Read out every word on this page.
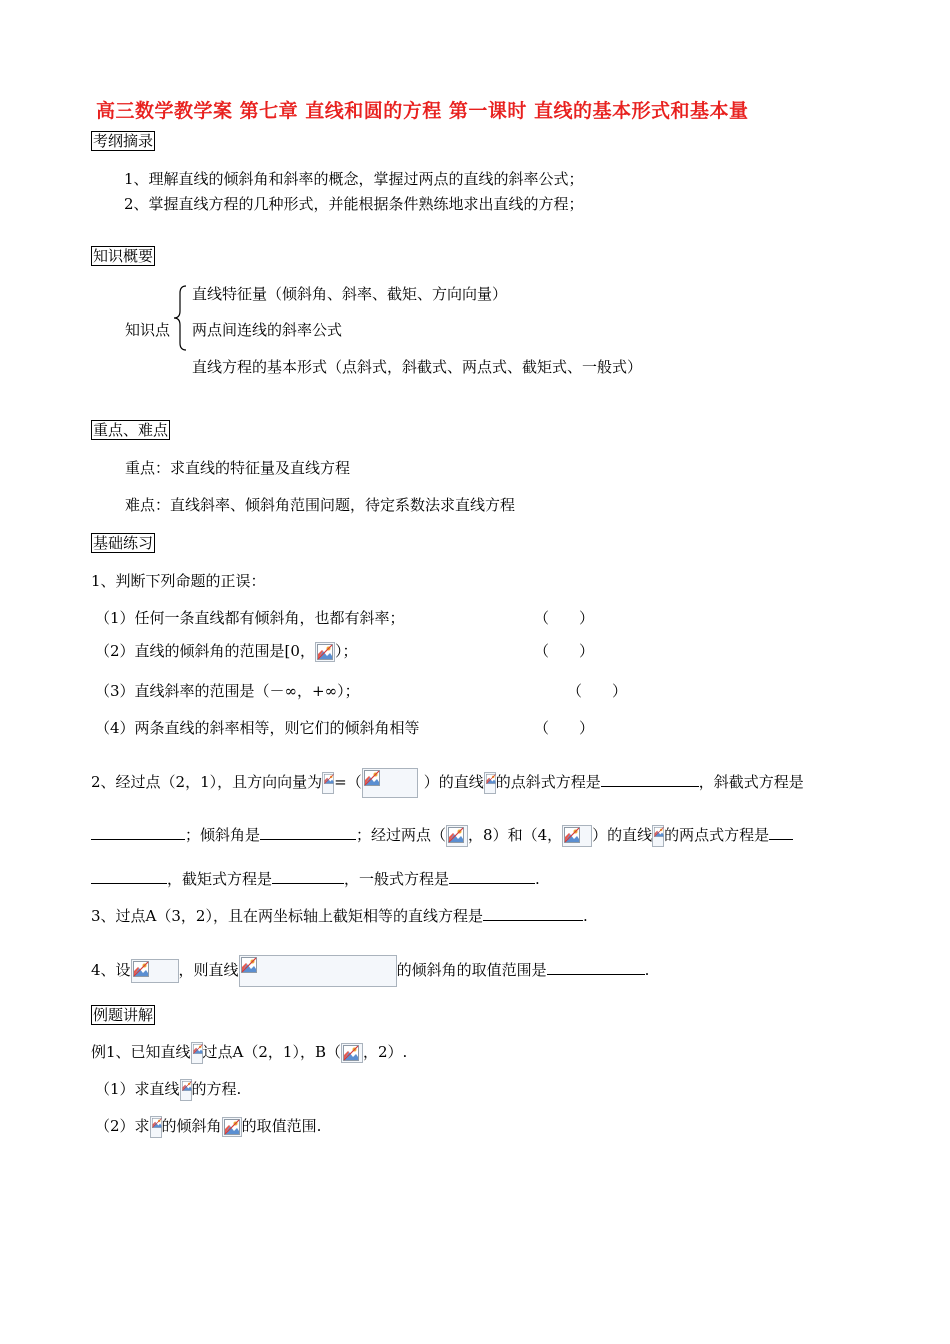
高三数学教学案 第七章 直线和圆的方程 第一课时 直线的基本形式和基本量
考纲摘录
1、理解直线的倾斜角和斜率的概念，掌握过两点的直线的斜率公式；
2、掌握直线方程的几种形式，并能根据条件熟练地求出直线的方程；
知识概要
知识点
直线特征量（倾斜角、斜率、截矩、方向向量）
两点间连线的斜率公式
直线方程的基本形式（点斜式，斜截式、两点式、截矩式、一般式）
重点、难点
重点：求直线的特征量及直线方程
难点：直线斜率、倾斜角范围问题，待定系数法求直线方程
基础练习
1、判断下列命题的正误：
（1）任何一条直线都有倾斜角，也都有斜率；	（　　）
（2）直线的倾斜角的范围是[0， ）；	（　　）
（3）直线斜率的范围是（－∞，+∞）；	（　　）
（4）两条直线的斜率相等，则它们的倾斜角相等	（　　）
2、经过点（2，1），且方向向量为 =（	）的直线 的点斜式方程是	，斜截式方程是
；倾斜角是	；经过两点（ ，8）和（4， ）的直线 的两点式方程是
，截矩式方程是	，一般式方程是	.
3、过点A（3，2），且在两坐标轴上截矩相等的直线方程是	.
4、设	，则直线	的倾斜角的取值范围是	.
例题讲解
例1、已知直线 过点A（2，1），B（ ，2）.
（1）求直线 的方程.
（2）求 的倾斜角 的取值范围.
